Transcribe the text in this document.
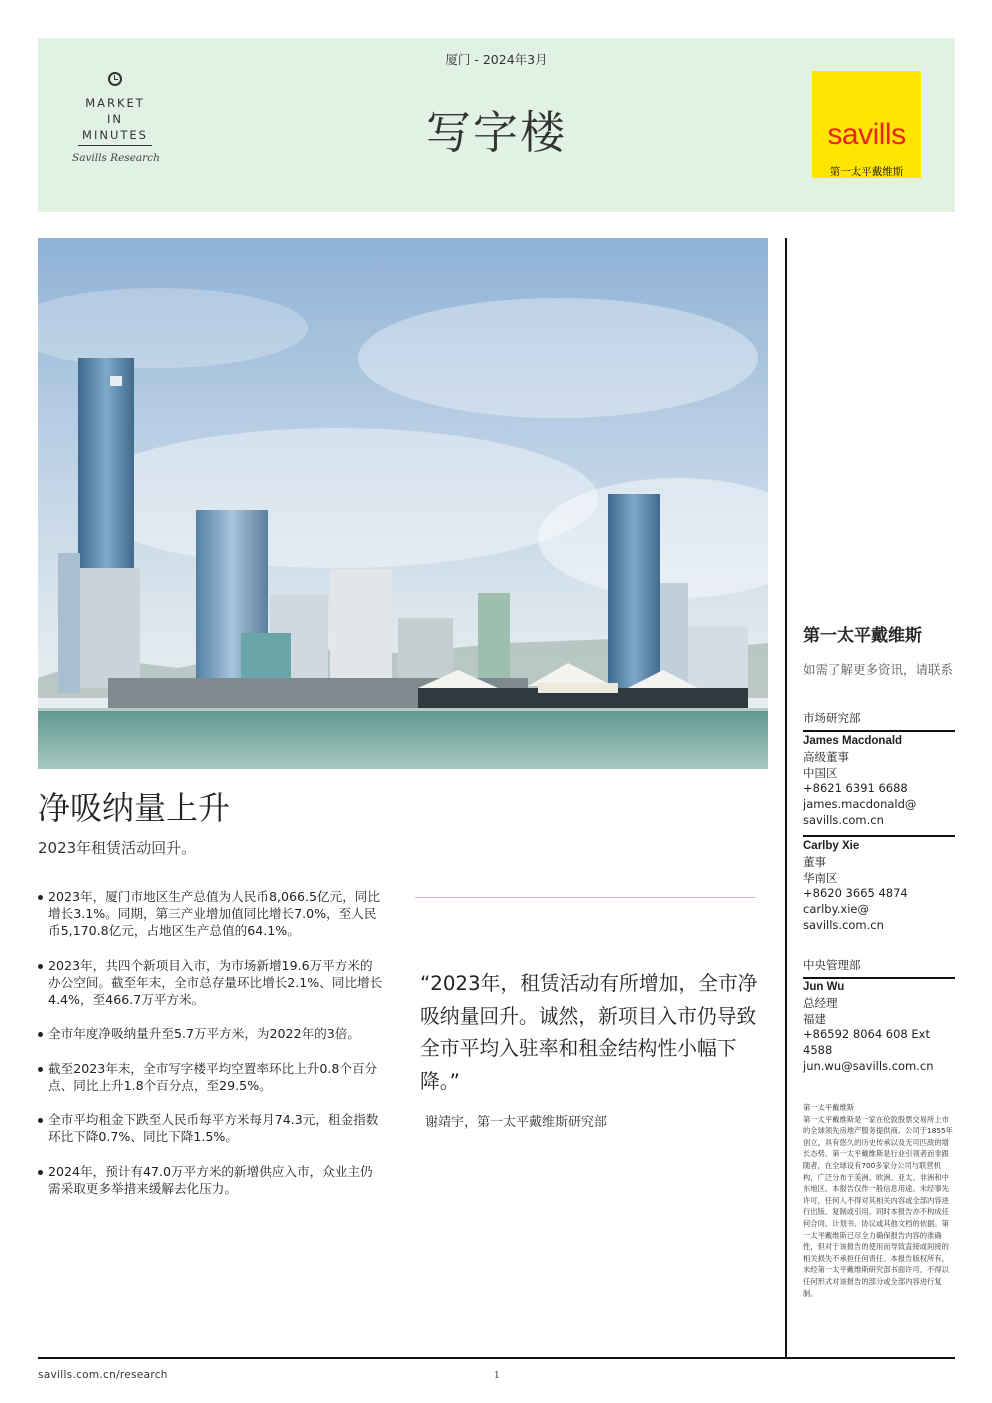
MARKET
IN
MINUTES
Savills Research
厦门 - 2024年3月
写字楼	savills
第一太平戴维斯
净吸纳量上升
2023年租赁活动回升。
2023年，厦门市地区生产总值为人民币8,066.5亿元，同比增长3.1%。同期，第三产业增加值同比增长7.0%，至人民币5,170.8亿元，占地区生产总值的64.1%。
2023年，共四个新项目入市，为市场新增19.6万平方米的办公空间。截至年末，全市总存量环比增长2.1%、同比增长4.4%，至466.7万平方米。
全市年度净吸纳量升至5.7万平方米，为2022年的3倍。
截至2023年末，全市写字楼平均空置率环比上升0.8个百分点、同比上升1.8个百分点，至29.5%。
全市平均租金下跌至人民币每平方米每月74.3元，租金指数环比下降0.7%、同比下降1.5%。
2024年，预计有47.0万平方米的新增供应入市，众业主仍需采取更多举措来缓解去化压力。
“2023年，租赁活动有所增加，全市净吸纳量回升。诚然，新项目入市仍导致全市平均入驻率和租金结构性小幅下降。”
谢靖宇，第一太平戴维斯研究部
第一太平戴维斯
如需了解更多资讯，请联系
市场研究部
James Macdonald
高级董事
中国区
+8621 6391 6688
james.macdonald@
savills.com.cn
Carlby Xie
董事
华南区
+8620 3665 4874
carlby.xie@
savills.com.cn
中央管理部
Jun Wu
总经理
福建
+86592 8064 608 Ext 4588
jun.wu@savills.com.cn
第一太平戴维斯
第一太平戴维斯是一家在伦敦股票交易所上市的全球领先房地产服务提供商。公司于1855年创立，具有悠久的历史传承以及无可匹敌的增长态势。第一太平戴维斯是行业引领者而非跟随者，在全球设有700多家分公司与联营机构，广泛分布于美洲、欧洲、亚太、非洲和中东地区。本报告仅作一般信息用途。未经事先许可，任何人不得对其相关内容或全部内容进行出版、复制或引用。同时本报告亦不构成任何合同、计划书、协议或其他文档的依据。第一太平戴维斯已尽全力确保报告内容的准确性，但对于该报告的使用而导致直接或间接的相关损失不承担任何责任。本报告版权所有，未经第一太平戴维斯研究部书面许可，不得以任何形式对该报告的部分或全部内容进行复制。
savills.com.cn/research	1
